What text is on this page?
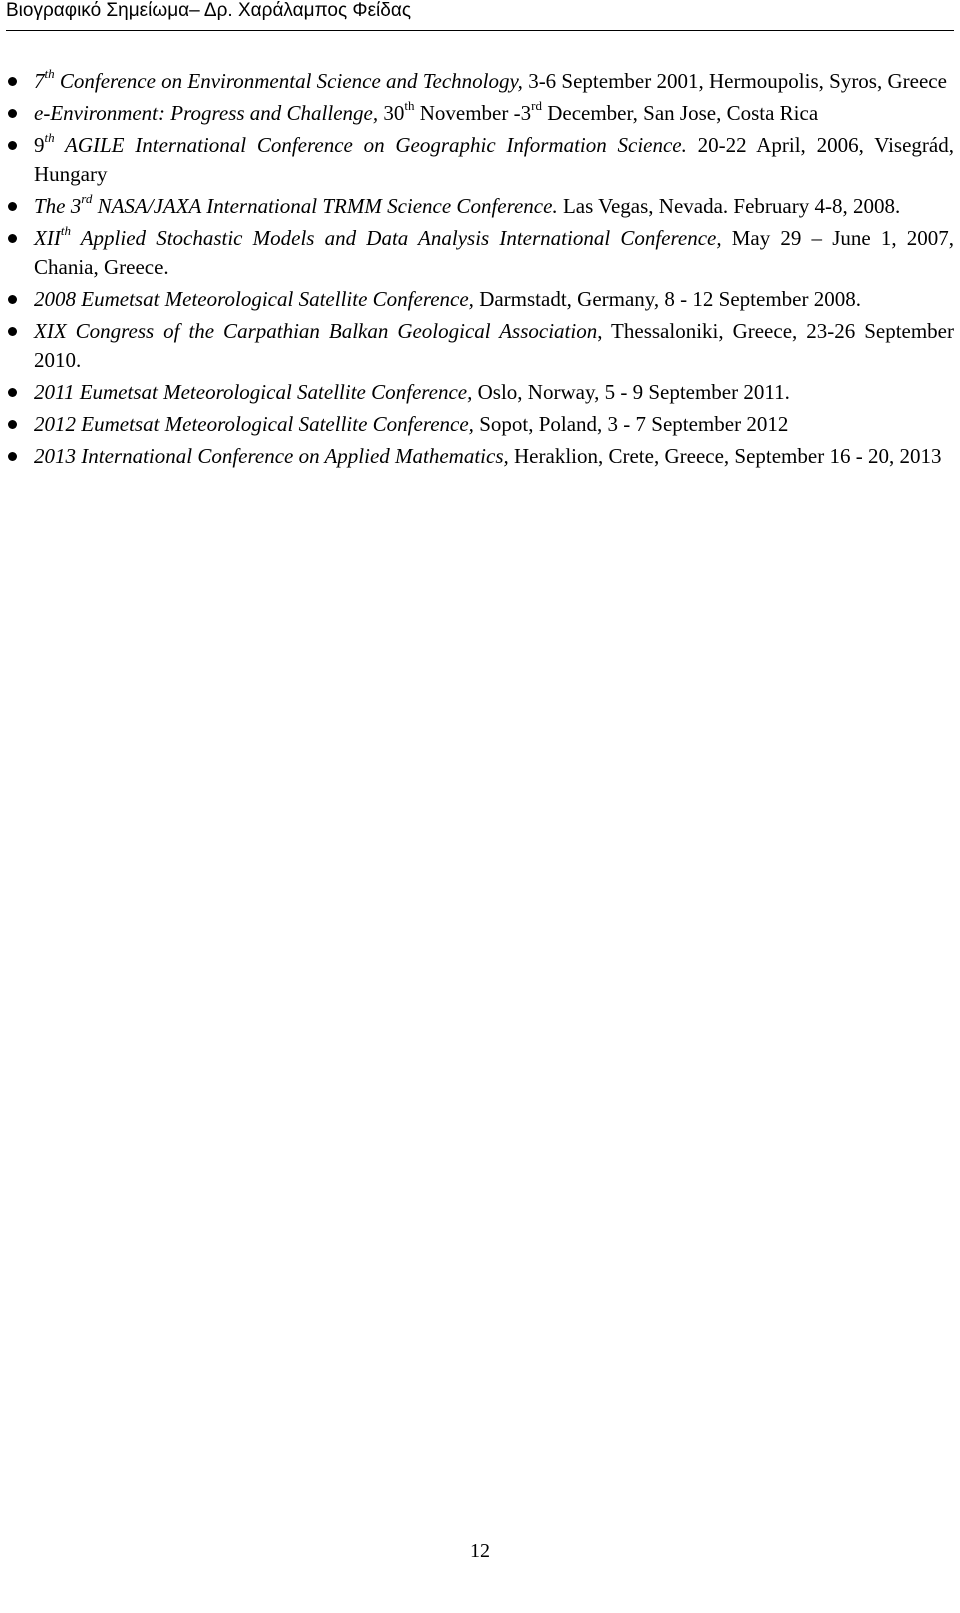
Βιογραφικό Σημείωμα– Δρ. Χαράλαμπος Φείδας
7th Conference on Environmental Science and Technology, 3-6 September 2001, Hermoupolis, Syros, Greece
e-Environment: Progress and Challenge, 30th November -3rd December, San Jose, Costa Rica
9th AGILE International Conference on Geographic Information Science. 20-22 April, 2006, Visegrád, Hungary
The 3rd NASA/JAXA International TRMM Science Conference. Las Vegas, Nevada. February 4-8, 2008.
XIIth Applied Stochastic Models and Data Analysis International Conference, May 29 – June 1, 2007, Chania, Greece.
2008 Eumetsat Meteorological Satellite Conference, Darmstadt, Germany, 8 - 12 September 2008.
XIX Congress of the Carpathian Balkan Geological Association, Thessaloniki, Greece, 23-26 September 2010.
2011 Eumetsat Meteorological Satellite Conference, Oslo, Norway, 5 - 9 September 2011.
2012 Eumetsat Meteorological Satellite Conference, Sopot, Poland, 3 - 7 September 2012
2013 International Conference on Applied Mathematics, Heraklion, Crete, Greece, September 16 - 20, 2013
12
